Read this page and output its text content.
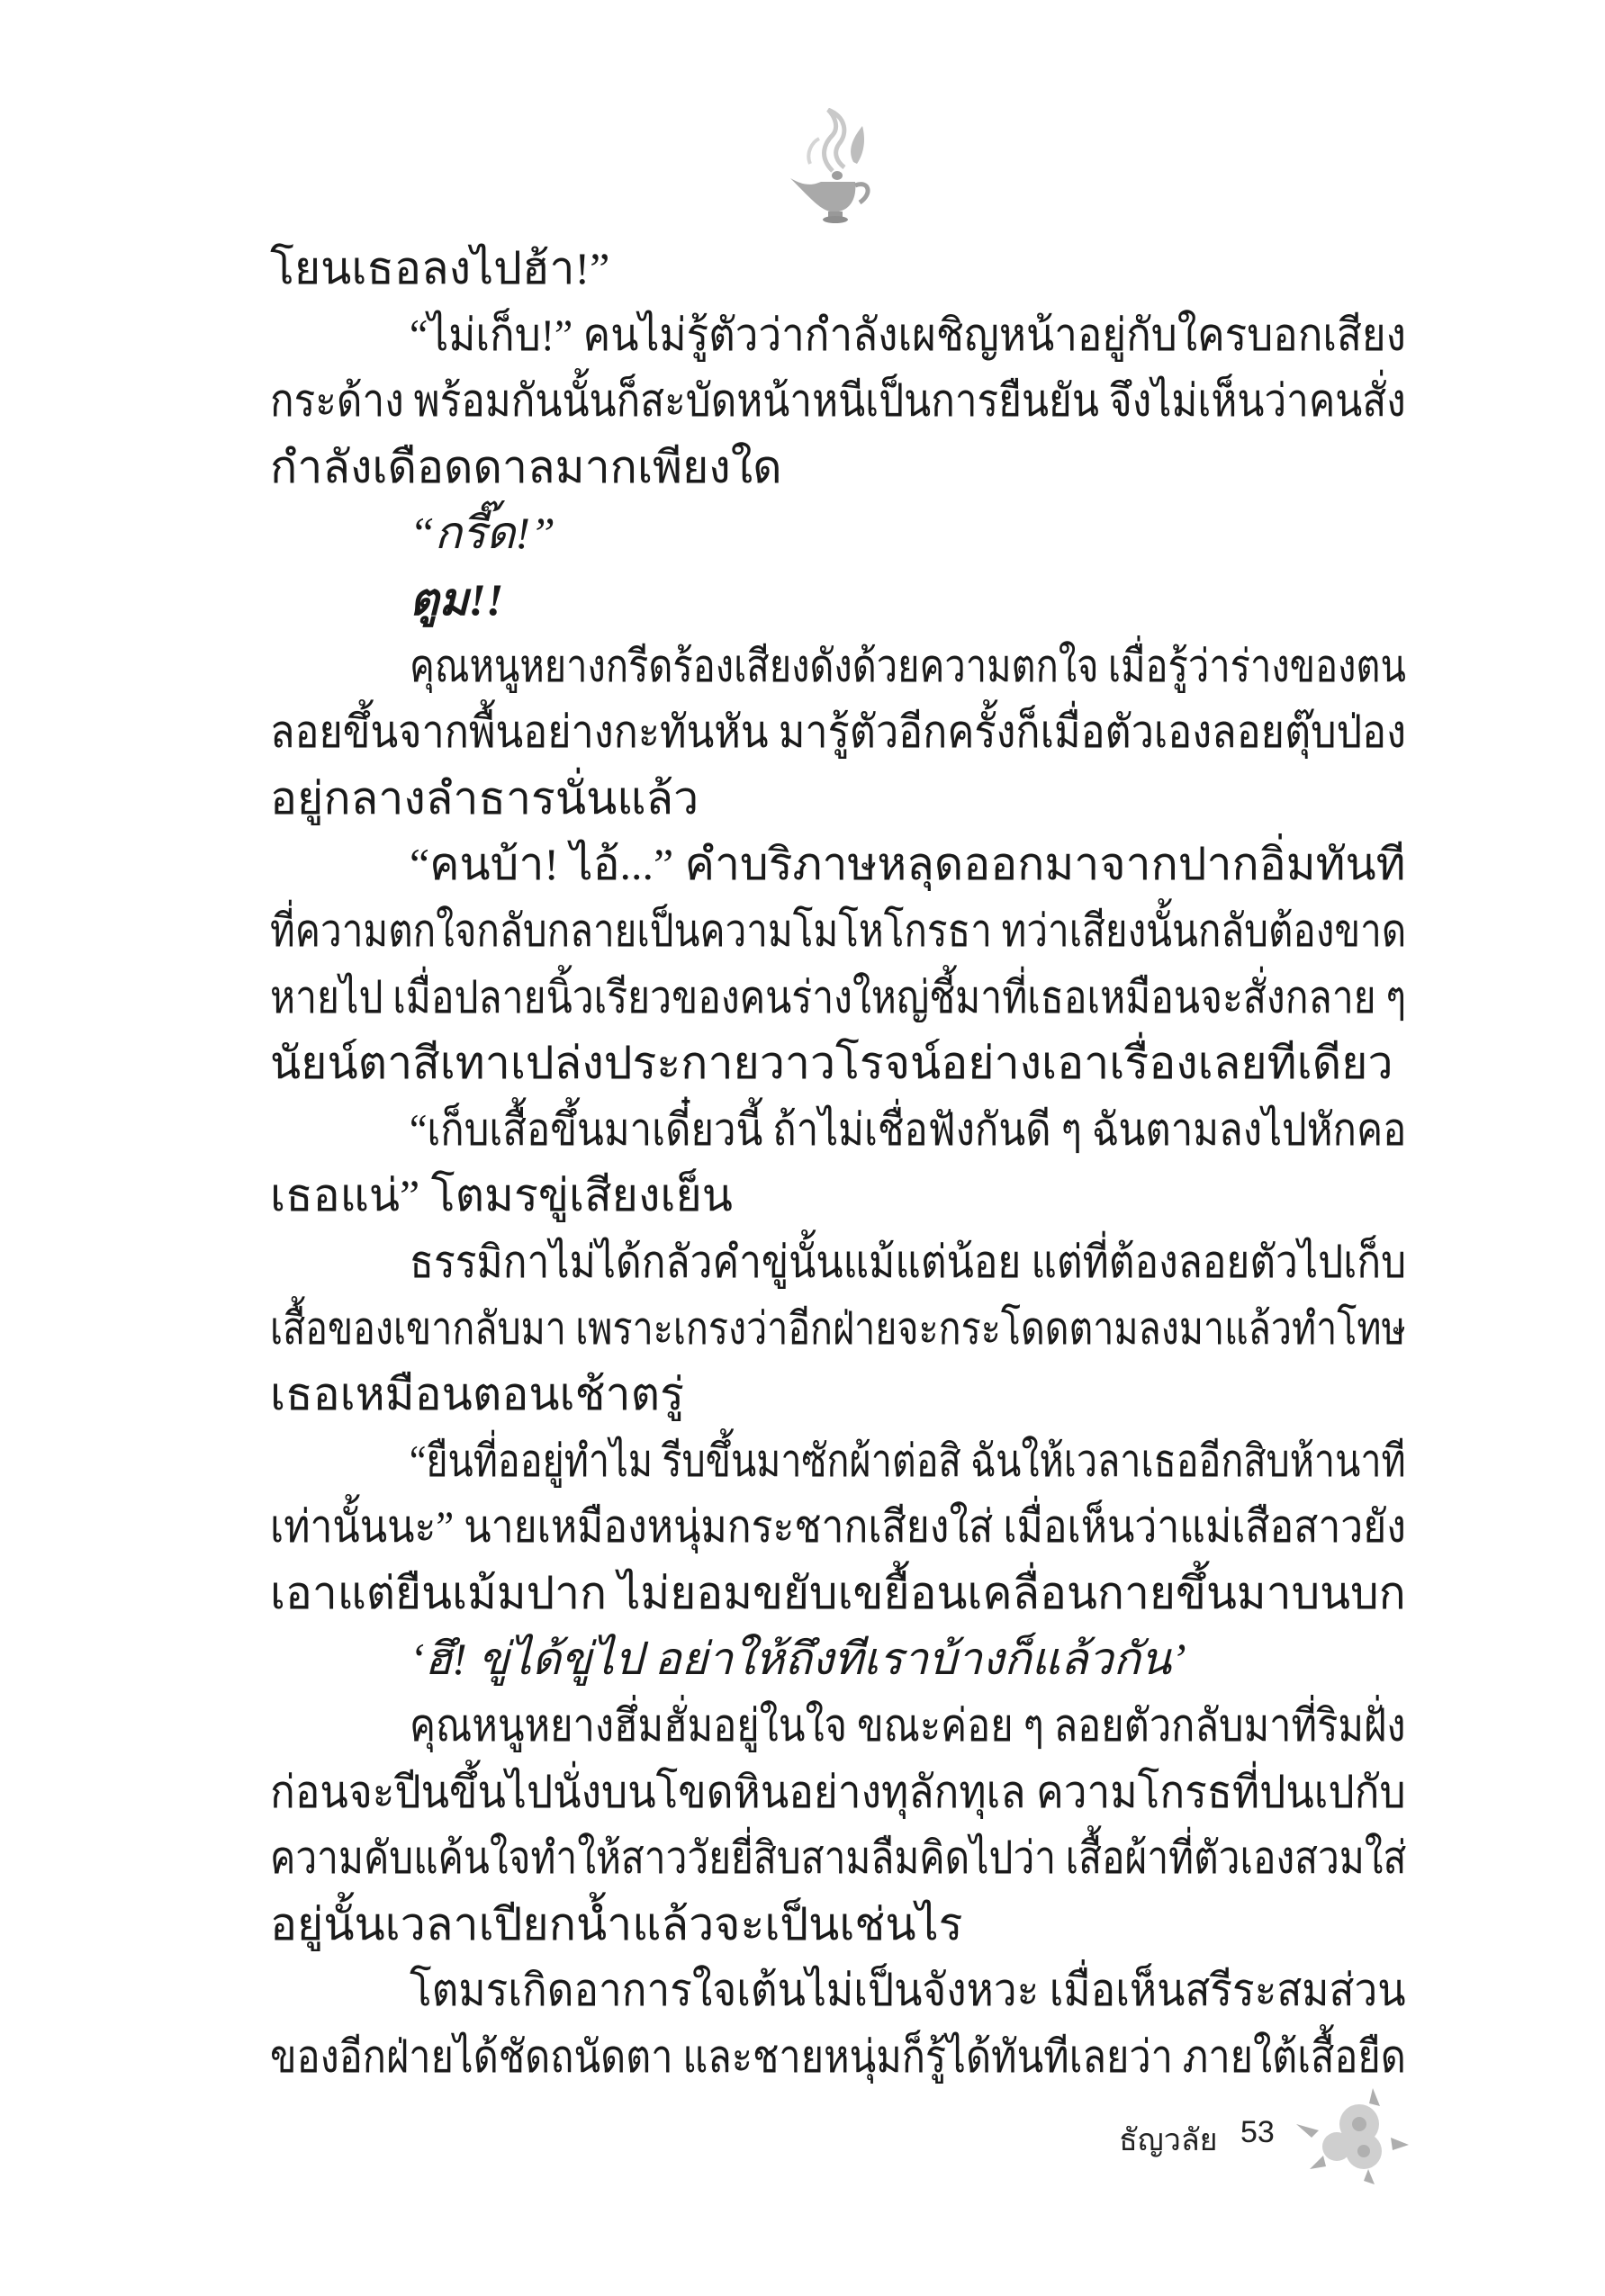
โยนเธอลงไปฮ้า!”
“ไม่เก็บ!” คนไม่รู้ตัวว่ากำลังเผชิญหน้าอยู่กับใครบอกเสียง
กระด้าง พร้อมกันนั้นก็สะบัดหน้าหนีเป็นการยืนยัน จึงไม่เห็นว่าคนสั่ง
กำลังเดือดดาลมากเพียงใด
“กรี๊ด!”
ตูม!!
คุณหนูหยางกรีดร้องเสียงดังด้วยความตกใจ เมื่อรู้ว่าร่างของตน
ลอยขึ้นจากพื้นอย่างกะทันหัน มารู้ตัวอีกครั้งก็เมื่อตัวเองลอยตุ๊บป่อง
อยู่กลางลำธารนั่นแล้ว
“คนบ้า! ไอ้...” คำบริภาษหลุดออกมาจากปากอิ่มทันที
ที่ความตกใจกลับกลายเป็นความโมโหโกรธา ทว่าเสียงนั้นกลับต้องขาด
หายไป เมื่อปลายนิ้วเรียวของคนร่างใหญ่ชี้มาที่เธอเหมือนจะสั่งกลาย ๆ
นัยน์ตาสีเทาเปล่งประกายวาวโรจน์อย่างเอาเรื่องเลยทีเดียว
“เก็บเสื้อขึ้นมาเดี๋ยวนี้ ถ้าไม่เชื่อฟังกันดี ๆ ฉันตามลงไปหักคอ
เธอแน่” โตมรขู่เสียงเย็น
ธรรมิกาไม่ได้กลัวคำขู่นั้นแม้แต่น้อย แต่ที่ต้องลอยตัวไปเก็บ
เสื้อของเขากลับมา เพราะเกรงว่าอีกฝ่ายจะกระโดดตามลงมาแล้วทำโทษ
เธอเหมือนตอนเช้าตรู่
“ยืนที่ออยู่ทำไม รีบขึ้นมาซักผ้าต่อสิ ฉันให้เวลาเธออีกสิบห้านาที
เท่านั้นนะ” นายเหมืองหนุ่มกระชากเสียงใส่ เมื่อเห็นว่าแม่เสือสาวยัง
เอาแต่ยืนเม้มปาก ไม่ยอมขยับเขยื้อนเคลื่อนกายขึ้นมาบนบก
‘ฮึ! ขู่ได้ขู่ไป อย่าให้ถึงทีเราบ้างก็แล้วกัน’
คุณหนูหยางฮึ่มฮั่มอยู่ในใจ ขณะค่อย ๆ ลอยตัวกลับมาที่ริมฝั่ง
ก่อนจะปีนขึ้นไปนั่งบนโขดหินอย่างทุลักทุเล ความโกรธที่ปนเปกับ
ความคับแค้นใจทำให้สาววัยยี่สิบสามลืมคิดไปว่า เสื้อผ้าที่ตัวเองสวมใส่
อยู่นั้นเวลาเปียกน้ำแล้วจะเป็นเช่นไร
โตมรเกิดอาการใจเต้นไม่เป็นจังหวะ เมื่อเห็นสรีระสมส่วน
ของอีกฝ่ายได้ชัดถนัดตา และชายหนุ่มก็รู้ได้ทันทีเลยว่า ภายใต้เสื้อยืด
ธัญวลัย 53
